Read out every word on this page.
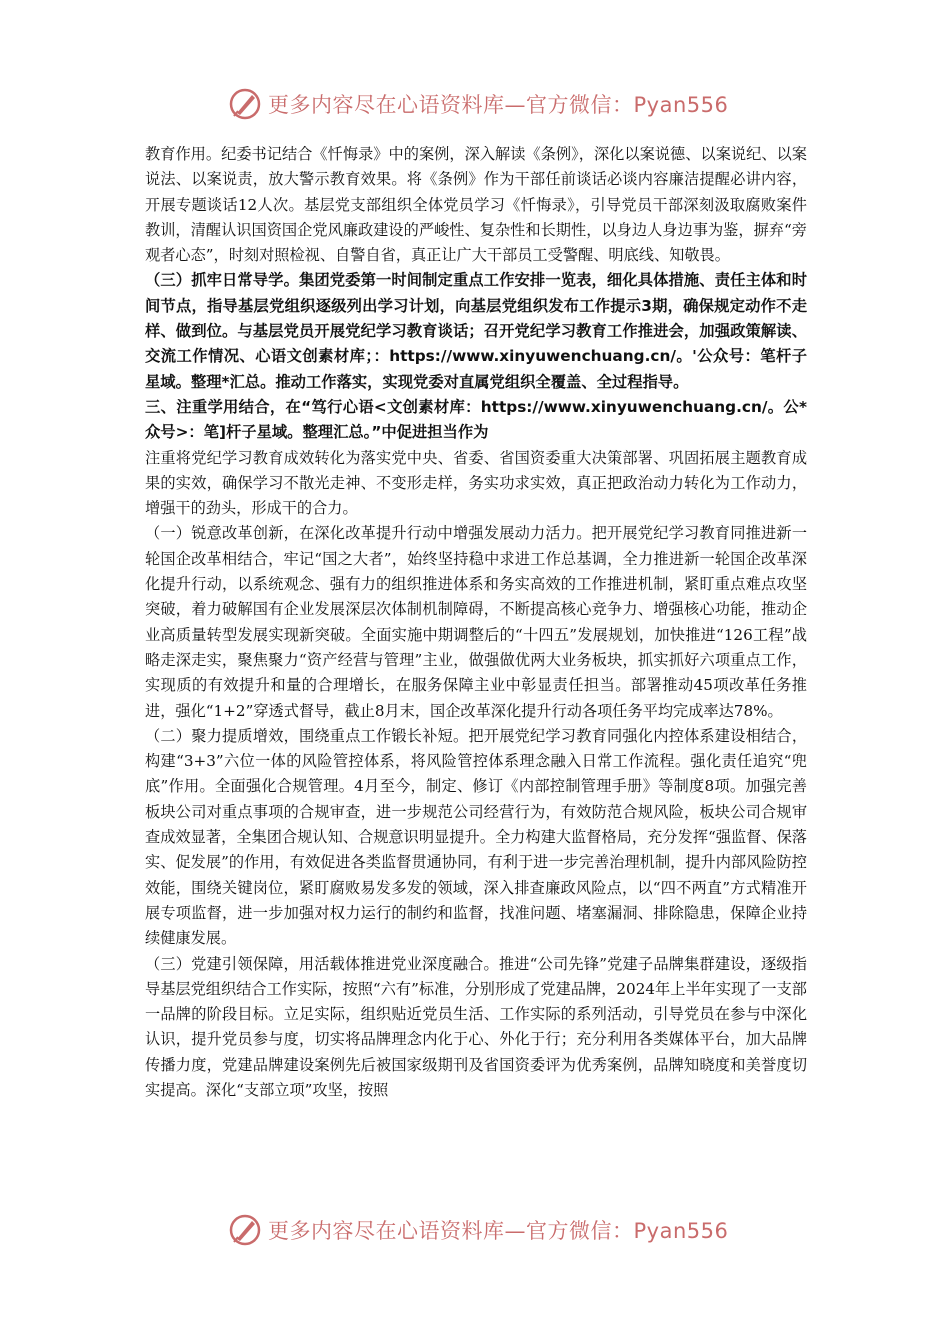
更多内容尽在心语资料库—官方微信：Pyan556

教育作用。纪委书记结合《忏悔录》中的案例，深入解读《条例》，深化以案说德、以案说纪、以案说法、以案说责，放大警示教育效果。将《条例》作为干部任前谈话必谈内容廉洁提醒必讲内容，开展专题谈话12人次。基层党支部组织全体党员学习《忏悔录》，引导党员干部深刻汲取腐败案件教训，清醒认识国资国企党风廉政建设的严峻性、复杂性和长期性，以身边人身边事为鉴，摒弃“旁观者心态”，时刻对照检视、自警自省，真正让广大干部员工受警醒、明底线、知敬畏。

（三）抓牢日常导学。集团党委第一时间制定重点工作安排一览表，细化具体措施、责任主体和时间节点，指导基层党组织逐级列出学习计划，向基层党组织发布工作提示3期，确保规定动作不走样、做到位。与基层党员开展党纪学习教育谈话；召开党纪学习教育工作推进会，加强政策解读、交流工作情况、心语文创素材库；：https://www.xinyuwenchuang.cn/。'公众号：笔杆子星域。整理*汇总。推动工作落实，实现党委对直属党组织全覆盖、全过程指导。

三、注重学用结合，在“笃行心语<文创素材库：https://www.xinyuwenchuang.cn/。公*众号>：笔]杆子星域。整理汇总。”中促进担当作为

注重将党纪学习教育成效转化为落实党中央、省委、省国资委重大决策部署、巩固拓展主题教育成果的实效，确保学习不散光走神、不变形走样，务实功求实效，真正把政治动力转化为工作动力，增强干的劲头，形成干的合力。

（一）锐意改革创新，在深化改革提升行动中增强发展动力活力。把开展党纪学习教育同推进新一轮国企改革相结合，牢记“国之大者”，始终坚持稳中求进工作总基调，全力推进新一轮国企改革深化提升行动，以系统观念、强有力的组织推进体系和务实高效的工作推进机制，紧盯重点难点攻坚突破，着力破解国有企业发展深层次体制机制障碍，不断提高核心竞争力、增强核心功能，推动企业高质量转型发展实现新突破。全面实施中期调整后的“十四五”发展规划，加快推进“126工程”战略走深走实，聚焦聚力“资产经营与管理”主业，做强做优两大业务板块，抓实抓好六项重点工作，实现质的有效提升和量的合理增长，在服务保障主业中彰显责任担当。部署推动45项改革任务推进，强化“1+2”穿透式督导，截止8月末，国企改革深化提升行动各项任务平均完成率达78%。

（二）聚力提质增效，围绕重点工作锻长补短。把开展党纪学习教育同强化内控体系建设相结合，构建“3+3”六位一体的风险管控体系，将风险管控体系理念融入日常工作流程。强化责任追究“兜底”作用。全面强化合规管理。4月至今，制定、修订《内部控制管理手册》等制度8项。加强完善板块公司对重点事项的合规审查，进一步规范公司经营行为，有效防范合规风险，板块公司合规审查成效显著，全集团合规认知、合规意识明显提升。全力构建大监督格局，充分发挥“强监督、保落实、促发展”的作用，有效促进各类监督贯通协同，有利于进一步完善治理机制，提升内部风险防控效能，围绕关键岗位，紧盯腐败易发多发的领域，深入排查廉政风险点，以“四不两直”方式精准开展专项监督，进一步加强对权力运行的制约和监督，找准问题、堵塞漏洞、排除隐患，保障企业持续健康发展。

（三）党建引领保障，用活载体推进党业深度融合。推进“公司先锋”党建子品牌集群建设，逐级指导基层党组织结合工作实际，按照“六有”标准，分别形成了党建品牌，2024年上半年实现了一支部一品牌的阶段目标。立足实际，组织贴近党员生活、工作实际的系列活动，引导党员在参与中深化认识，提升党员参与度，切实将品牌理念内化于心、外化于行；充分利用各类媒体平台，加大品牌传播力度，党建品牌建设案例先后被国家级期刊及省国资委评为优秀案例，品牌知晓度和美誉度切实提高。深化“支部立项”攻坚，按照

更多内容尽在心语资料库—官方微信：Pyan556
